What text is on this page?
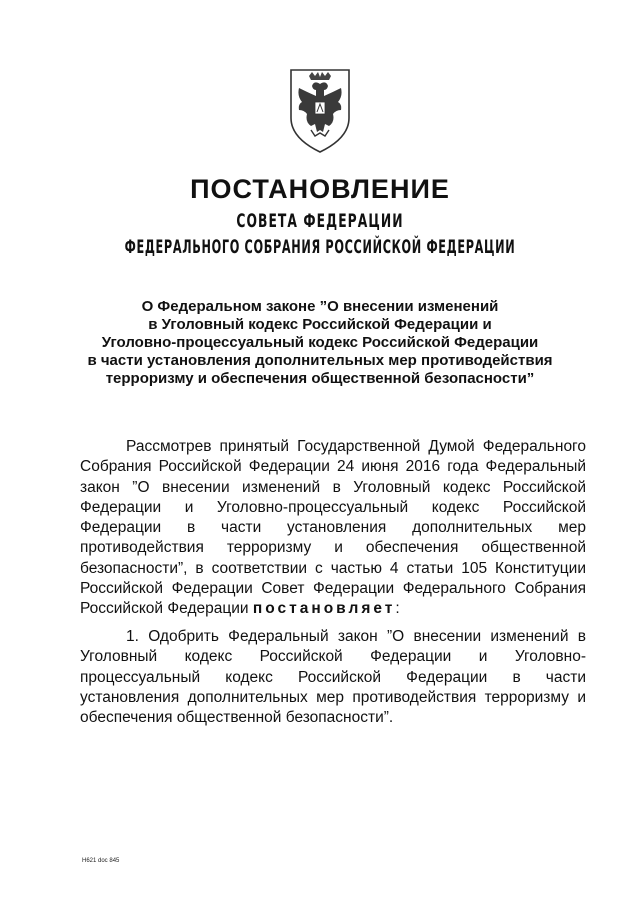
ПОСТАНОВЛЕНИЕ
СОВЕТА ФЕДЕРАЦИИ
ФЕДЕРАЛЬНОГО СОБРАНИЯ РОССИЙСКОЙ ФЕДЕРАЦИИ
О Федеральном законе ”О внесении изменений
в Уголовный кодекс Российской Федерации и
Уголовно-процессуальный кодекс Российской Федерации
в части установления дополнительных мер противодействия
терроризму и обеспечения общественной безопасности”
Рассмотрев принятый Государственной Думой Федерального
Собрания Российской Федерации 24 июня 2016 года Федеральный
закон ”О внесении изменений в Уголовный кодекс Российской
Федерации и Уголовно-процессуальный кодекс Российской
Федерации в части установления дополнительных мер
противодействия терроризму и обеспечения общественной
безопасности”, в соответствии с частью 4 статьи 105 Конституции
Российской Федерации Совет Федерации Федерального Собрания
Российской Федерации постановляет:
1. Одобрить Федеральный закон ”О внесении изменений в
Уголовный кодекс Российской Федерации и Уголовно-
процессуальный кодекс Российской Федерации в части
установления дополнительных мер противодействия терроризму и
обеспечения общественной безопасности”.
Н621 doc 845
